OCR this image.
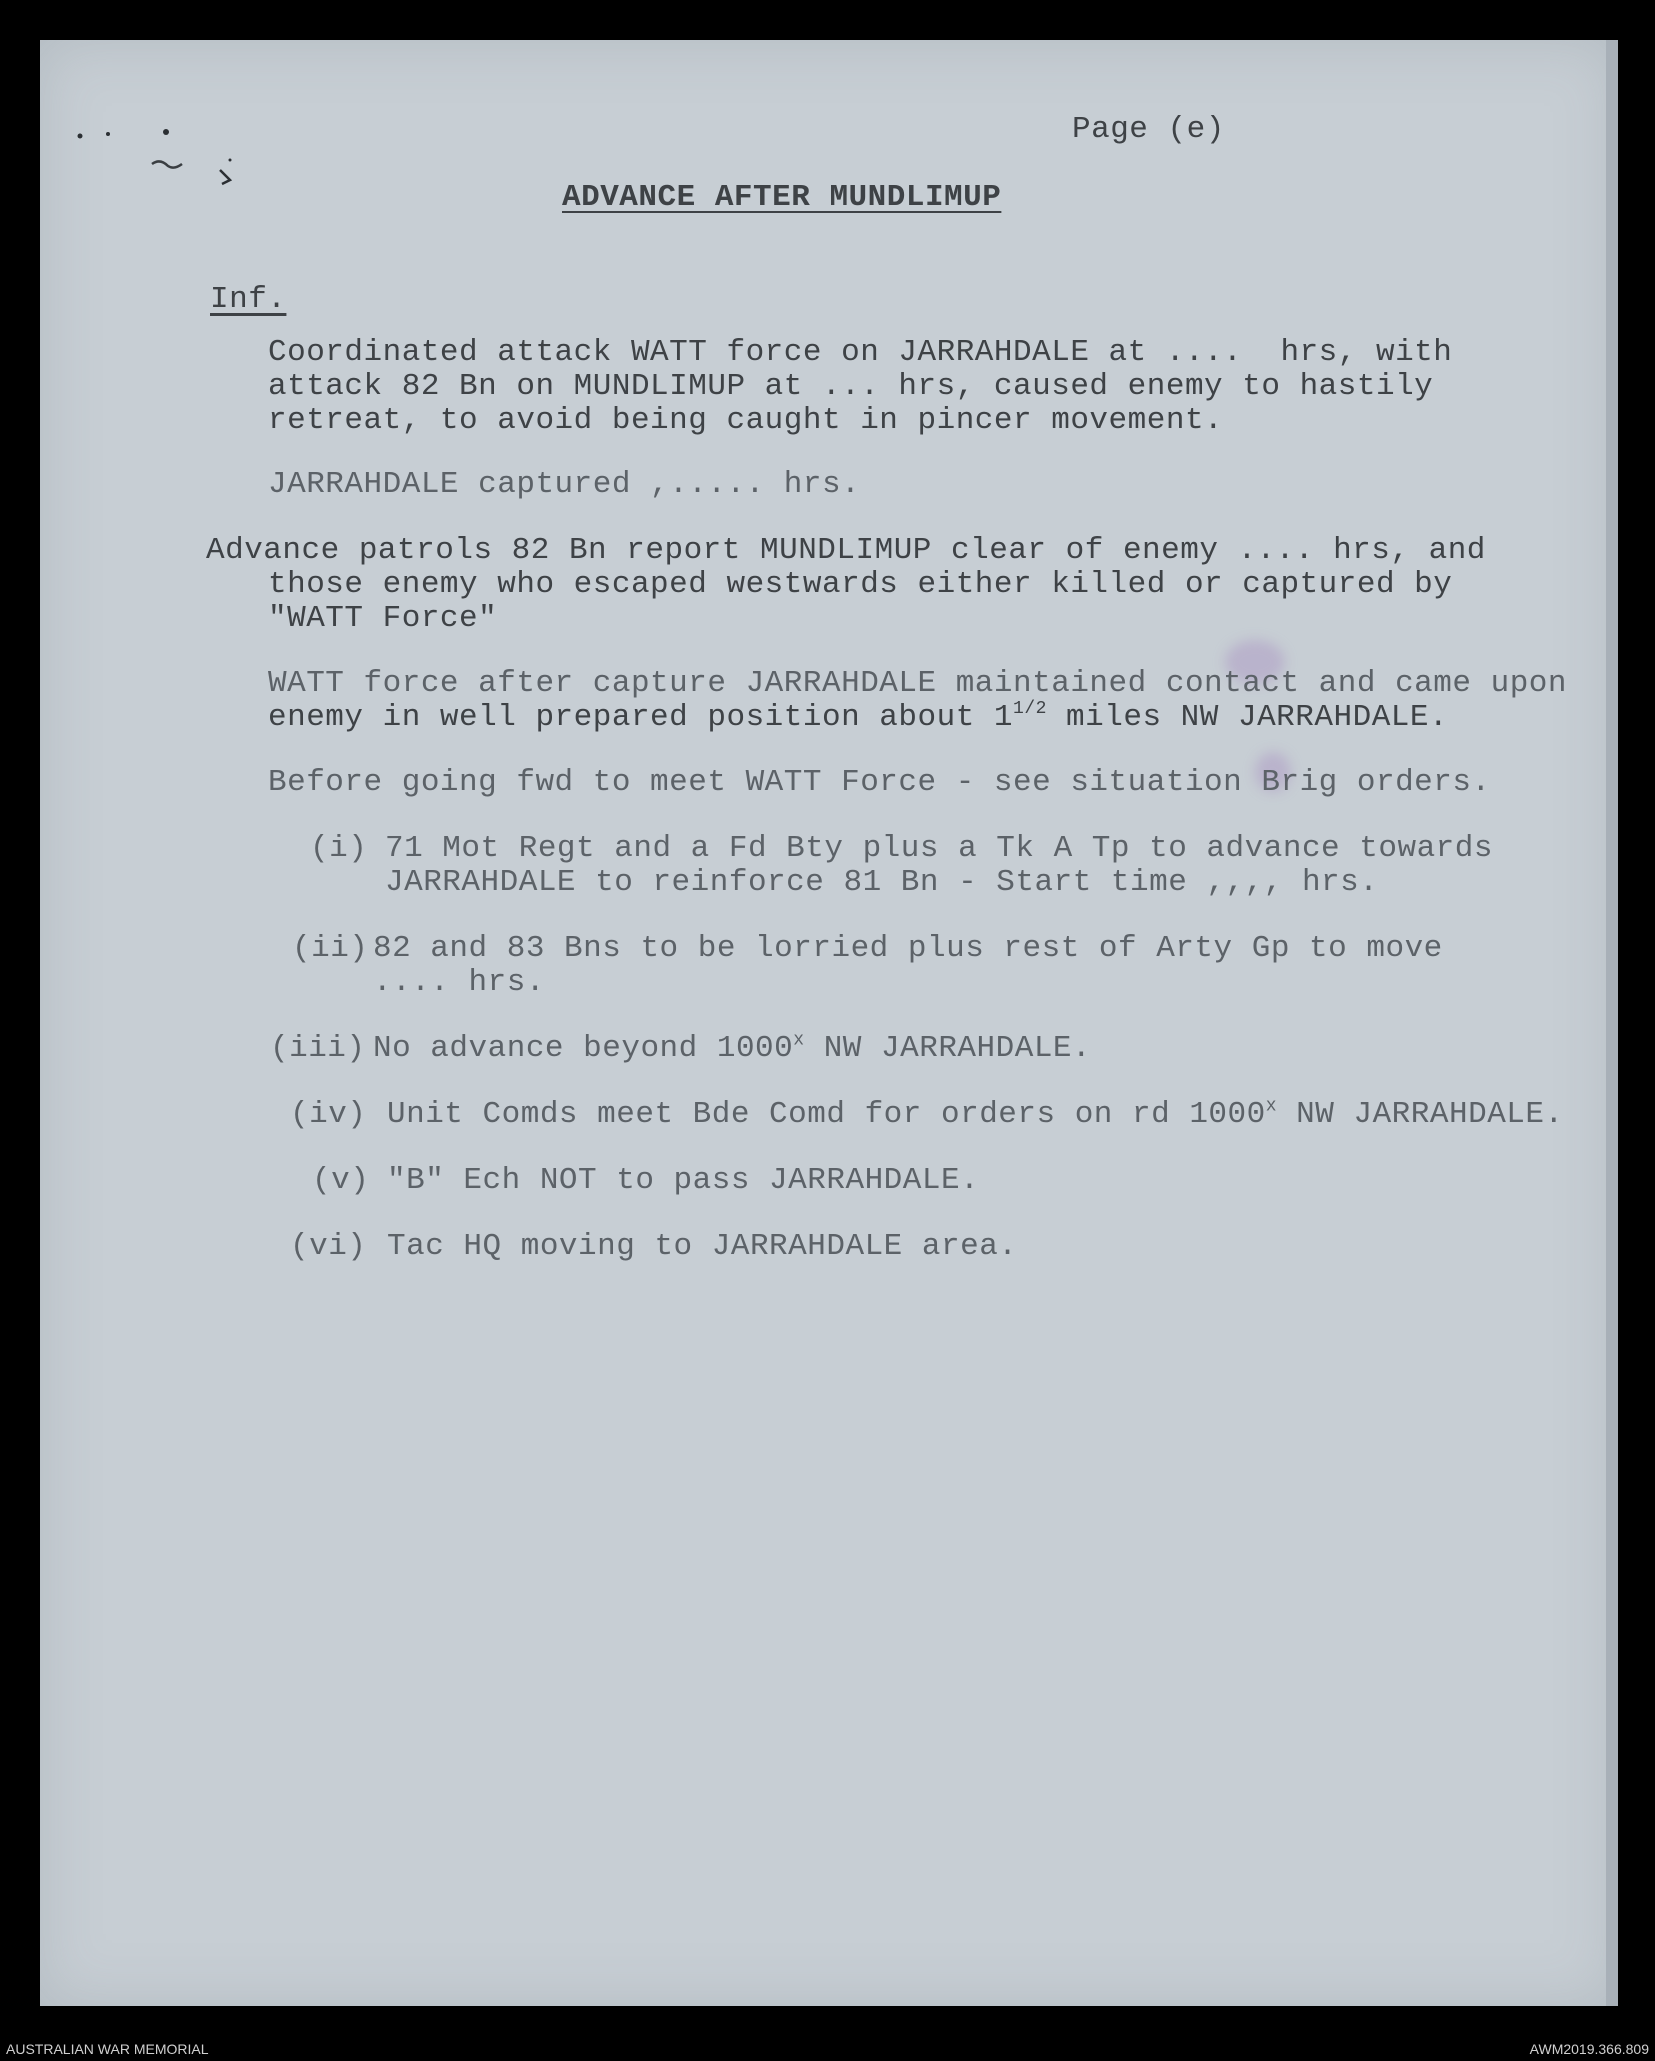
Page (e)

ADVANCE AFTER MUNDLIMUP

Inf.

Coordinated attack WATT force on JARRAHDALE at ....  hrs, with

attack 82 Bn on MUNDLIMUP at ... hrs, caused enemy to hastily

retreat, to avoid being caught in pincer movement.

JARRAHDALE captured ,..... hrs.

Advance patrols 82 Bn report MUNDLIMUP clear of enemy .... hrs, and

those enemy who escaped westwards either killed or captured by

"WATT Force"

WATT force after capture JARRAHDALE maintained contact and came upon

enemy in well prepared position about $1^{1/2}$ miles NW JARRAHDALE.

Before going fwd to meet WATT Force - see situation Brig orders.

(i) 71 Mot Regt and a Fd Bty plus a Tk A Tp to advance towards

JARRAHDALE to reinforce 81 Bn - Start time ,,,, hrs.

(ii) 82 and 83 Bns to be lorried plus rest of Arty Gp to move

.... hrs.

(iii) No advance beyond 1000$^x$ NW JARRAHDALE.

(iv) Unit Comds meet Bde Comd for orders on rd 1000$^x$ NW JARRAHDALE.

(v) "B" Ech NOT to pass JARRAHDALE.

(vi) Tac HQ moving to JARRAHDALE area.

AUSTRALIAN WAR MEMORIAL	AWM2019.366.809
